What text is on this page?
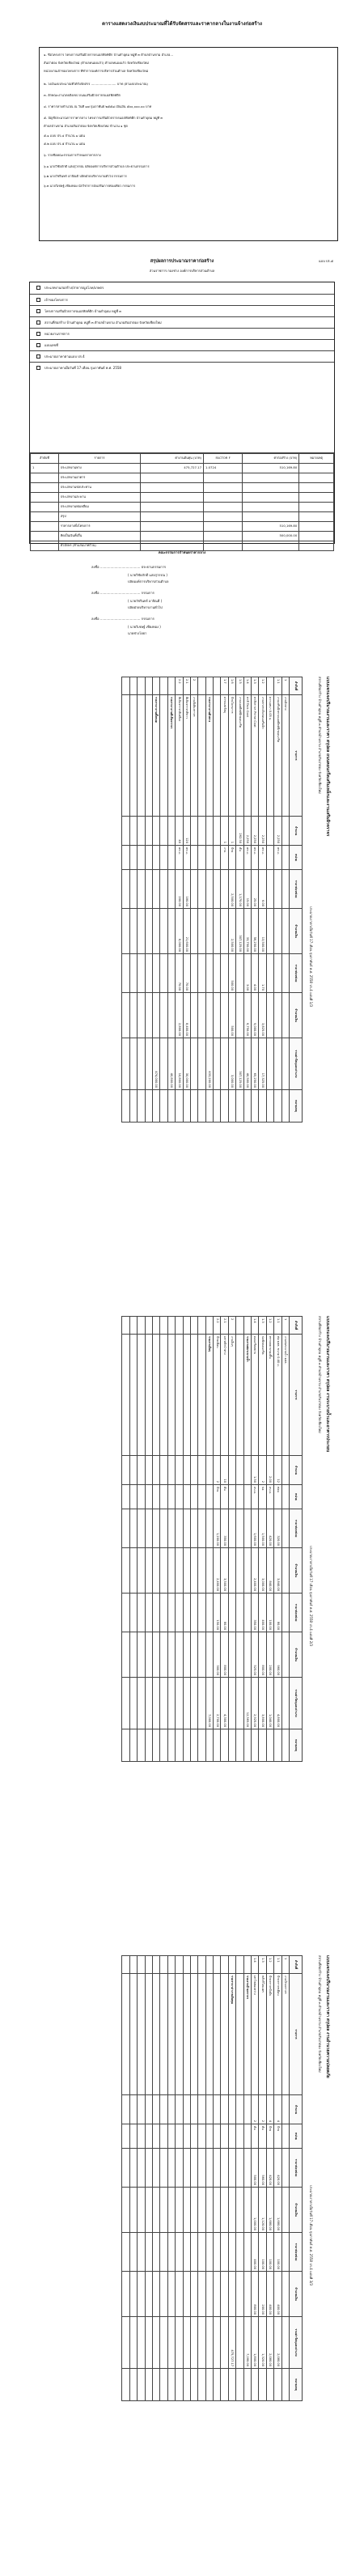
ตารางแสดงวงเงินงบประมาณที่ได้รับจัดสรรและราคากลางในงานจ้างก่อสร้าง
๑. ชื่อโครงการ โครงการเสริมผิวจราจรแอสฟัลท์ติก บ้านดำอุดม หมู่ที่ ๓ ตำบลบ้านขาม อำเภอ...
สันป่าตอง จังหวัดเชียงใหม่ (ตำบลหนองแก้ว) ตำบลหนองแก้ว จังหวัดเชียงใหม่
หน่วยงานเจ้าของโครงการ ที่ทำการองค์การบริหารส่วนตำบล จังหวัดเชียงใหม่
๒. วงเงินงบประมาณที่ได้รับจัดสรร ......................... บาท (ตามงบประมาณ)
๓. ลักษณะงานโดยสังเขป ถนนเสริมผิวจราจรแอสฟัลท์ติก
๔. ราคากลางคำนวณ ณ วันที่ ๑๗ กุมภาพันธ์ ๒๕๕๘ เป็นเงิน ๕๐๐,๐๐๐.๐๐ บาท
๕. บัญชีประมาณการราคากลาง โครงการเสริมผิวจราจรแอสฟัลท์ติก บ้านดำอุดม หมู่ที่ ๓
ตำบลบ้านขาม อำเภอสันป่าตอง จังหวัดเชียงใหม่ จำนวน ๑ ชุด
๕.๑ แบบ ปร.๔ จำนวน ๑ แผ่น
๕.๒ แบบ ปร.๕ จำนวน ๑ แผ่น
๖. รายชื่อคณะกรรมการกำหนดราคากลาง
๖.๑ นายวิชัยภักดี แสงสุวรรณ ปลัดองค์การบริหารส่วนตำบล ประธานกรรมการ
๖.๒ นายวัชรินทร์ อาจิณดี ปลัดฝ่ายบริหารงานทั่วไป กรรมการ
๖.๓ นายวิเชษฐ์ เชียงทอง นักวิชาการส่งเสริมการท่องเที่ยว กรรมการ
แบบ ปร.๕
สรุปผลการประมาณราคาก่อสร้าง
ส่วนราชการ กองช่าง องค์การบริหารส่วนตำบล
ลำดับที่	รายการ	ค่างานต้นทุน (บาท)	FACTOR F	ค่าก่อสร้าง (บาท)	หมายเหตุ
1	ประเภทงานทาง	475,727.17	1.0724	510,169.80	
	ประเภทงานอาคาร				
	ประเภทงานชลประทาน				
	ประเภทงานสะพาน				
	ประเภทงานท่อเหลี่ยม				
	สรุป				
	ราคากลางทั้งโครงการ			510,169.80	
	คิดเป็นเงินทั้งสิ้น			500,000.00	
	ตัวอักษร (ห้าแสนบาทถ้วน)				
ประเภทงานก่อสร้าง/สาธารณูปโภค/เกษตร
เจ้าของโครงการ
โครงการเสริมผิวจราจรแอสฟัลท์ติก บ้านดำอุดม หมู่ที่ ๓
สถานที่ก่อสร้าง บ้านดำอุดม หมู่ที่ ๓ ตำบลบ้านขาม อำเภอสันป่าตอง จังหวัดเชียงใหม่
หน่วยงานราชการ
แบบเลขที่
ประมาณราคาตามแบบ ปร.4
ประมาณราคาเมื่อวันที่ 17 เดือน กุมภาพันธ์ พ.ศ. 2558
คณะกรรมการกำหนดราคากลาง
ลงชื่อ ....................................... ประธานกรรมการ
( นายวิชัยภักดี แสงสุวรรณ )
ปลัดองค์การบริหารส่วนตำบล
ลงชื่อ ....................................... กรรมการ
( นายวัชรินทร์ อาจิณดี )
ปลัดฝ่ายบริหารงานทั่วไป
ลงชื่อ ....................................... กรรมการ
( นายวิเชษฐ์ เชียงทอง )
นายช่างโยธา
แบบแจกแจงปริมาณงานและราคา สรุปผล ถนนคอนกรีตเสริมเหล็กและงานเสริมผิวจราจร
สถานที่ก่อสร้าง บ้านดำอุดม หมู่ที่ ๓ ตำบลบ้านขาม อำเภอสันป่าตอง จังหวัดเชียงใหม่
ประมาณราคาเมื่อวันที่ 17 เดือน กุมภาพันธ์ พ.ศ. 2558 ปร.4 แผ่นที่ 1/3
ลำดับที่	รายการ	จำนวน	หน่วย	ราคาต่อหน่วย	จำนวนเงิน	ราคาต่อหน่วย	จำนวนเงิน	รวมค่าวัสดุและค่าแรง	หมายเหตุ
1	งานผิวทาง								
1.1	งานเสริมผิวทางแอสฟัลท์ติกคอนกรีต	2,250	ตร.ม.						
	ความหนา 0.05 ม.								
1.2	งานทางระดับก่อนเสริมผิว	2,250	ตร.ม.	6.00	13,500.00	1.70	3,825.00	17,325.00	
1.3	ทาสีจราจร Prime Coat	2,250	ตร.ม.	25.00	56,250.00	4.00	9,000.00	65,250.00	
1.4	ทาสี Tack Coat	2,250	ตร.ม.	15.00	33,750.00	3.00	6,750.00	40,500.00	
1.5	งานแอสฟัลท์ติกคอนกรีต	262.50	ตัน	1,170.00	307,125.00			307,125.00	
1.6	ป้ายโครงการ	1	ป้าย	2,500.00	2,500.00	500.00	500.00	3,000.00	
1.7	ค่าขนส่งวัสดุ	1	งาน						

	รวมราคางานผิวทาง							433,200.00	

2	งานตีเส้นจราจร								
2.1	ตีเส้นจราจรสีขาว	120	ตร.ม.	180.00	21,600.00	70.00	8,400.00	30,000.00	
2.2	ตีเส้นจราจรสีเหลือง	40	ตร.ม.	200.00	8,000.00	70.00	2,800.00	10,800.00	
	รวมราคางานตีเส้นจราจร							40,800.00	

	รวมราคางานทั้งหมด							474,000.00	

แบบแจกแจงปริมาณงานและราคา สรุปผล งานระบายน้ำและอาคารประกอบ
สถานที่ก่อสร้าง บ้านดำอุดม หมู่ที่ ๓ ตำบลบ้านขาม อำเภอสันป่าตอง จังหวัดเชียงใหม่
ประมาณราคาเมื่อวันที่ 17 เดือน กุมภาพันธ์ พ.ศ. 2558 ปร.4 แผ่นที่ 2/3
ลำดับที่	รายการ	จำนวน	หน่วย	ราคาต่อหน่วย	จำนวนเงิน	ราคาต่อหน่วย	จำนวนเงิน	รวมค่าวัสดุและค่าแรง	หมายเหตุ
1	งานท่อระบายน้ำ คสล.								
1.1	ท่อ คสล. ขนาด 0.40 ม.	12	ท่อน	320.00	3,840.00	80.00	960.00	4,800.00	
1.2	ทรายหยาบรองพื้น	2.00	ลบ.ม.	420.00	840.00	100.00	200.00	1,040.00	
1.3	บ่อพักคอนกรีต	2	บ่อ	1,500.00	3,000.00	400.00	800.00	3,800.00	
1.4	คอนกรีตหยาบ	1.50	ลบ.ม.	1,600.00	2,400.00	350.00	525.00	2,925.00	
	รวมงานท่อระบายน้ำ							12,565.00	

2	งานอื่นๆ								
2.1	เสาหลักนำทาง	10	ต้น	350.00	3,500.00	80.00	800.00	4,300.00	
2.2	ป้ายเตือน	2	ป้าย	1,200.00	2,400.00	150.00	300.00	2,700.00	
	รวมงานอื่นๆ							7,000.00	

แบบแจกแจงปริมาณงานและราคา สรุปผล งานอำนวยความปลอดภัย
สถานที่ก่อสร้าง บ้านดำอุดม หมู่ที่ ๓ ตำบลบ้านขาม อำเภอสันป่าตอง จังหวัดเชียงใหม่
ประมาณราคาเมื่อวันที่ 17 เดือน กุมภาพันธ์ พ.ศ. 2558 ปร.4 แผ่นที่ 3/3
ลำดับที่	รายการ	จำนวน	หน่วย	ราคาต่อหน่วย	จำนวนเงิน	ราคาต่อหน่วย	จำนวนเงิน	รวมค่าวัสดุและค่าแรง	หมายเหตุ
1	งานป้ายจราจร								
1.1	ป้ายจราจรเตือน	4	ป้าย	420.00	1,680.00	100.00	400.00	2,080.00	
1.2	ป้ายจราจรบังคับ	4	ป้าย	420.00	1,680.00	100.00	400.00	2,080.00	
1.3	หลักกิโลเมตร	2	ต้น	560.00	1,120.00	100.00	200.00	1,320.00	
1.4	เสาไฟส่องสว่าง	2	ต้น	500.00	1,000.00	400.00	800.00	1,800.00	
	รวมงานป้ายจราจร							7,280.00	

	รวมราคาค่างานต้นทุน							475,727.17	
